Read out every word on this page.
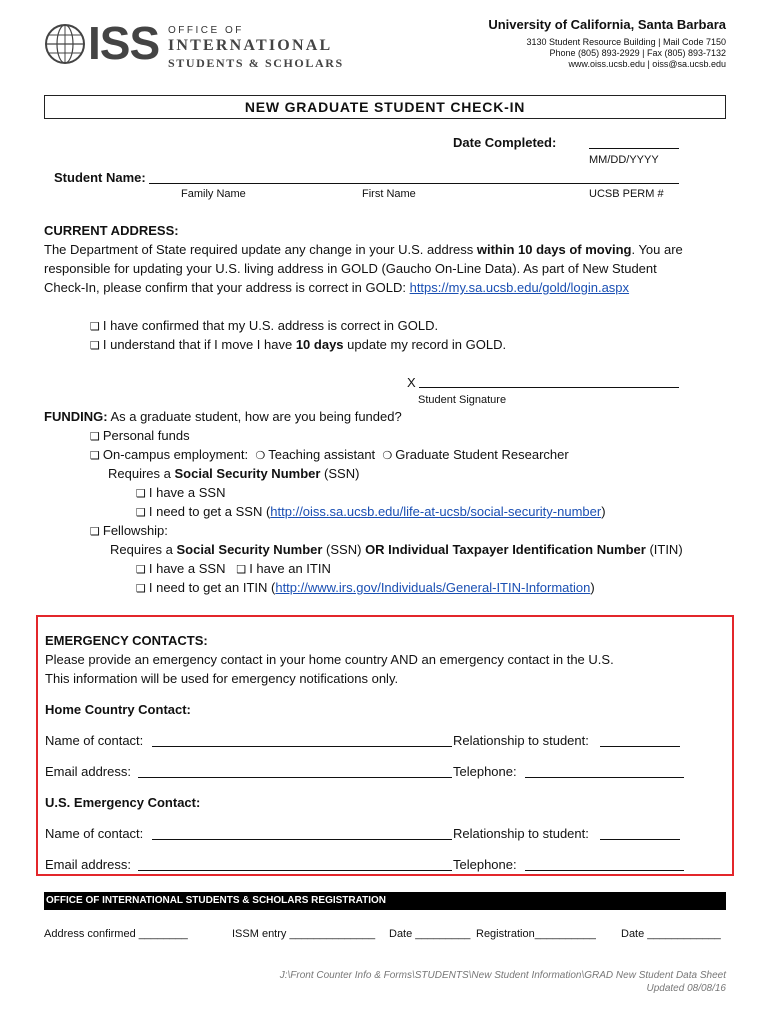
ISS OFFICE OF
INTERNATIONAL
STUDENTS & SCHOLARS
University of California, Santa Barbara
3130 Student Resource Building | Mail Code 7150
Phone (805) 893-2929 | Fax (805) 893-7132
www.oiss.ucsb.edu | oiss@sa.ucsb.edu
NEW GRADUATE STUDENT CHECK-IN
Date Completed:
MM/DD/YYYY
Student Name:
Family Name	First Name	UCSB PERM #
CURRENT ADDRESS:
The Department of State required update any change in your U.S. address within 10 days of moving. You are
responsible for updating your U.S. living address in GOLD (Gaucho On-Line Data). As part of New Student
Check-In, please confirm that your address is correct in GOLD: https://my.sa.ucsb.edu/gold/login.aspx
❑ I have confirmed that my U.S. address is correct in GOLD.
❑ I understand that if I move I have 10 days update my record in GOLD.
X
Student Signature
FUNDING: As a graduate student, how are you being funded?
❑ Personal funds
❑ On-campus employment: ❍ Teaching assistant ❍ Graduate Student Researcher
Requires a Social Security Number (SSN)
❑ I have a SSN
❑ I need to get a SSN (http://oiss.sa.ucsb.edu/life-at-ucsb/social-security-number)
❑ Fellowship:
Requires a Social Security Number (SSN) OR Individual Taxpayer Identification Number (ITIN)
❑ I have a SSN ❑ I have an ITIN
❑ I need to get an ITIN (http://www.irs.gov/Individuals/General-ITIN-Information)
EMERGENCY CONTACTS:
Please provide an emergency contact in your home country AND an emergency contact in the U.S.
This information will be used for emergency notifications only.
Home Country Contact:
Name of contact:	Relationship to student:
Email address:	Telephone:
U.S. Emergency Contact:
Name of contact:	Relationship to student:
Email address:	Telephone:
OFFICE OF INTERNATIONAL STUDENTS & SCHOLARS REGISTRATION
Address confirmed ________	ISSM entry ______________ Date _________ Registration__________ Date ____________
J:\Front Counter Info & Forms\STUDENTS\New Student Information\GRAD New Student Data Sheet
Updated 08/08/16
